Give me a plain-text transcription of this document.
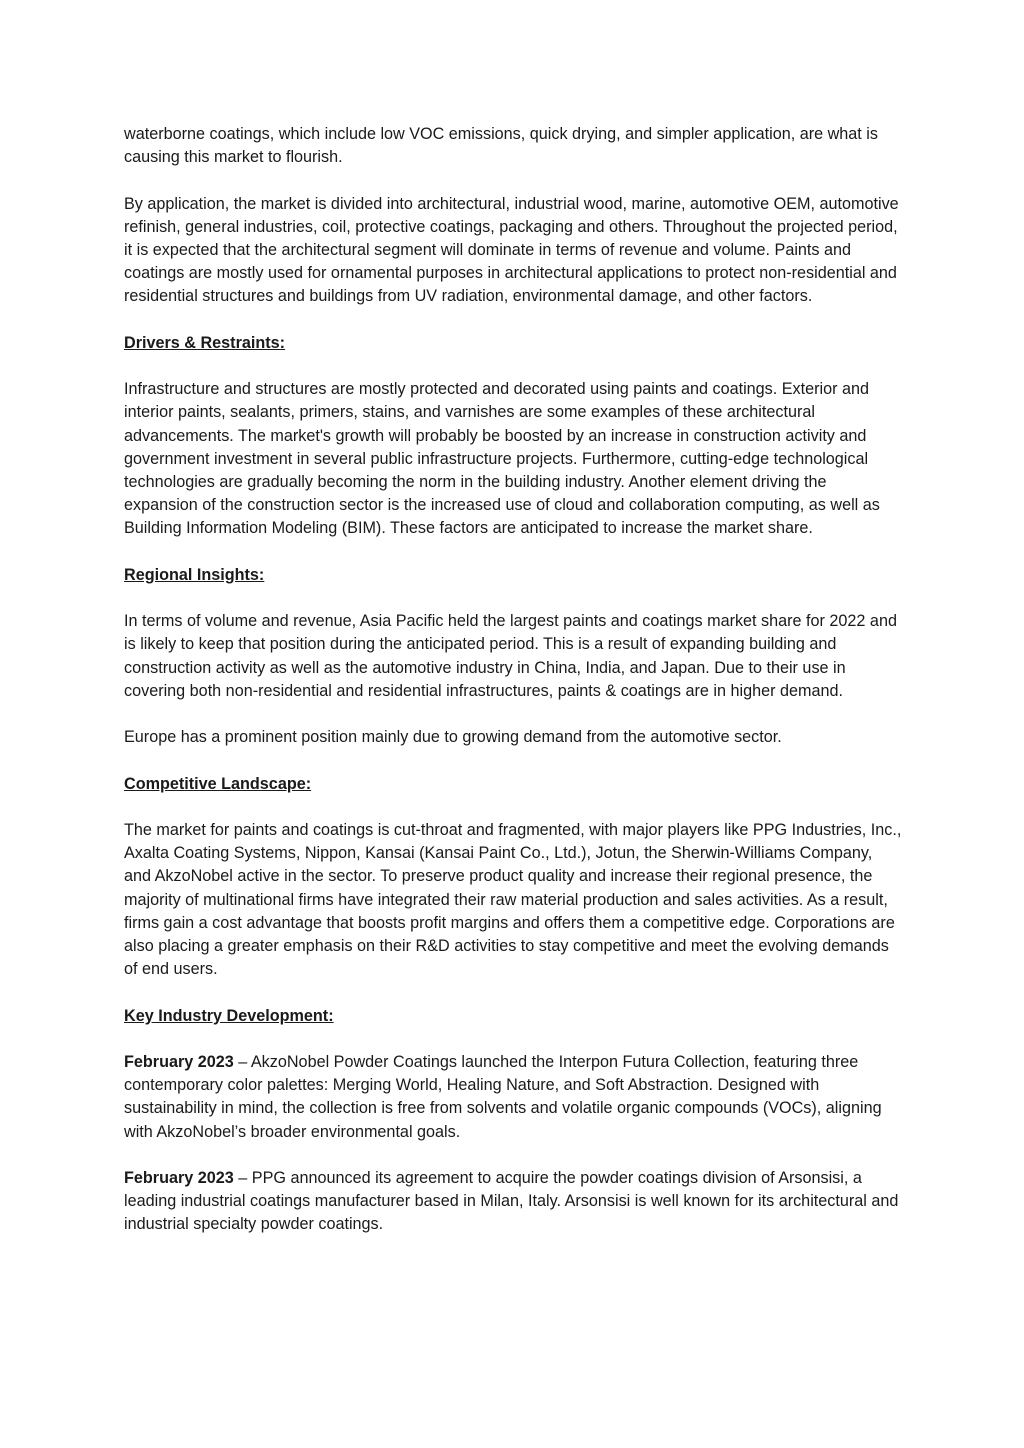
waterborne coatings, which include low VOC emissions, quick drying, and simpler application, are what is causing this market to flourish.

By application, the market is divided into architectural, industrial wood, marine, automotive OEM, automotive refinish, general industries, coil, protective coatings, packaging and others. Throughout the projected period, it is expected that the architectural segment will dominate in terms of revenue and volume. Paints and coatings are mostly used for ornamental purposes in architectural applications to protect non-residential and residential structures and buildings from UV radiation, environmental damage, and other factors.

Drivers & Restraints:

Infrastructure and structures are mostly protected and decorated using paints and coatings. Exterior and interior paints, sealants, primers, stains, and varnishes are some examples of these architectural advancements. The market's growth will probably be boosted by an increase in construction activity and government investment in several public infrastructure projects. Furthermore, cutting-edge technological technologies are gradually becoming the norm in the building industry. Another element driving the expansion of the construction sector is the increased use of cloud and collaboration computing, as well as Building Information Modeling (BIM). These factors are anticipated to increase the market share.

Regional Insights:

In terms of volume and revenue, Asia Pacific held the largest paints and coatings market share for 2022 and is likely to keep that position during the anticipated period. This is a result of expanding building and construction activity as well as the automotive industry in China, India, and Japan. Due to their use in covering both non-residential and residential infrastructures, paints & coatings are in higher demand.

Europe has a prominent position mainly due to growing demand from the automotive sector.

Competitive Landscape:

The market for paints and coatings is cut-throat and fragmented, with major players like PPG Industries, Inc., Axalta Coating Systems, Nippon, Kansai (Kansai Paint Co., Ltd.), Jotun, the Sherwin-Williams Company, and AkzoNobel active in the sector. To preserve product quality and increase their regional presence, the majority of multinational firms have integrated their raw material production and sales activities. As a result, firms gain a cost advantage that boosts profit margins and offers them a competitive edge. Corporations are also placing a greater emphasis on their R&D activities to stay competitive and meet the evolving demands of end users.

Key Industry Development:

February 2023 – AkzoNobel Powder Coatings launched the Interpon Futura Collection, featuring three contemporary color palettes: Merging World, Healing Nature, and Soft Abstraction. Designed with sustainability in mind, the collection is free from solvents and volatile organic compounds (VOCs), aligning with AkzoNobel’s broader environmental goals.

February 2023 – PPG announced its agreement to acquire the powder coatings division of Arsonsisi, a leading industrial coatings manufacturer based in Milan, Italy. Arsonsisi is well known for its architectural and industrial specialty powder coatings.
